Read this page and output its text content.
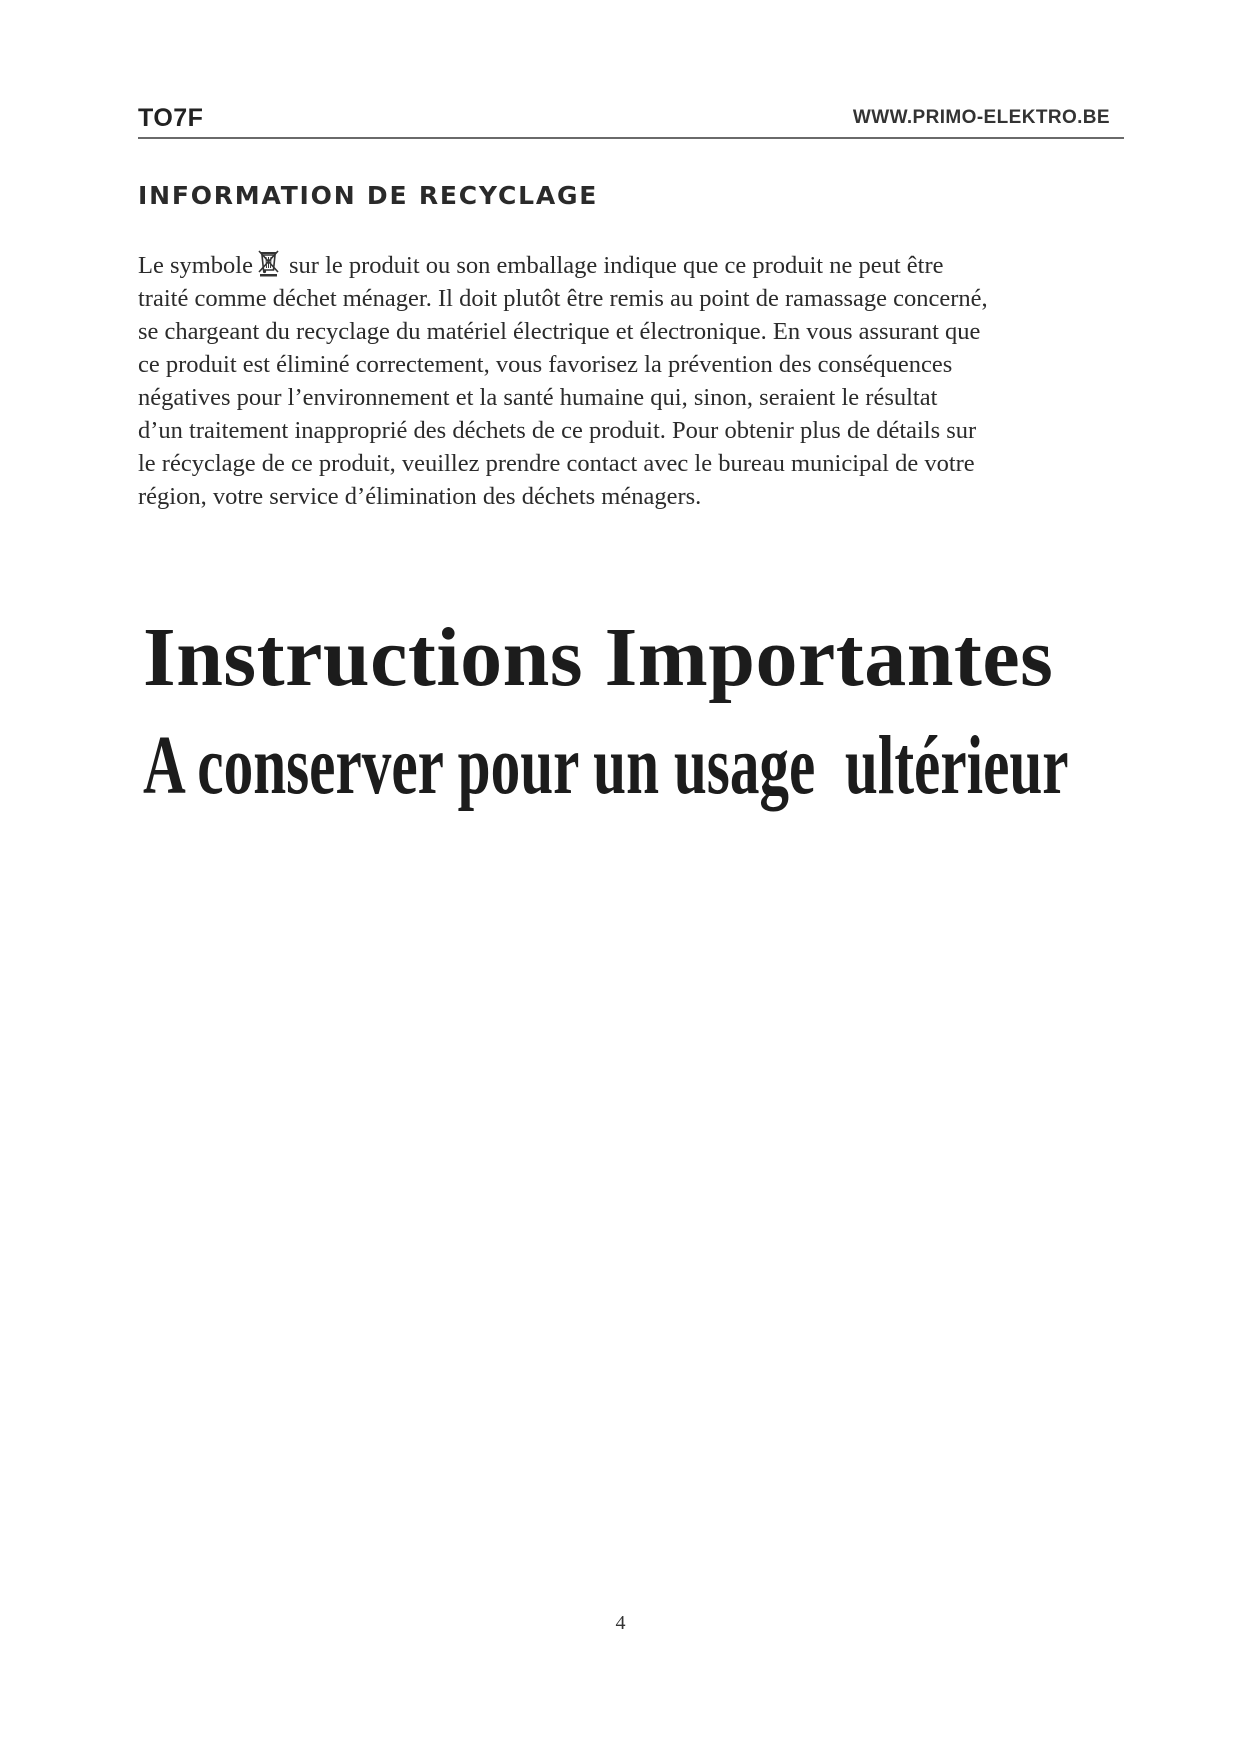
TO7F	WWW.PRIMO-ELEKTRO.BE
INFORMATION DE RECYCLAGE
Le symbole sur le produit ou son emballage indique que ce produit ne peut être
traité comme déchet ménager. Il doit plutôt être remis au point de ramassage concerné,
se chargeant du recyclage du matériel électrique et électronique. En vous assurant que
ce produit est éliminé correctement, vous favorisez la prévention des conséquences
négatives pour l’environnement et la santé humaine qui, sinon, seraient le résultat
d’un traitement inapproprié des déchets de ce produit. Pour obtenir plus de détails sur
le récyclage de ce produit, veuillez prendre contact avec le bureau municipal de votre
région, votre service d’élimination des déchets ménagers.
Instructions Importantes
A conserver pour un usage  ultérieur
4
